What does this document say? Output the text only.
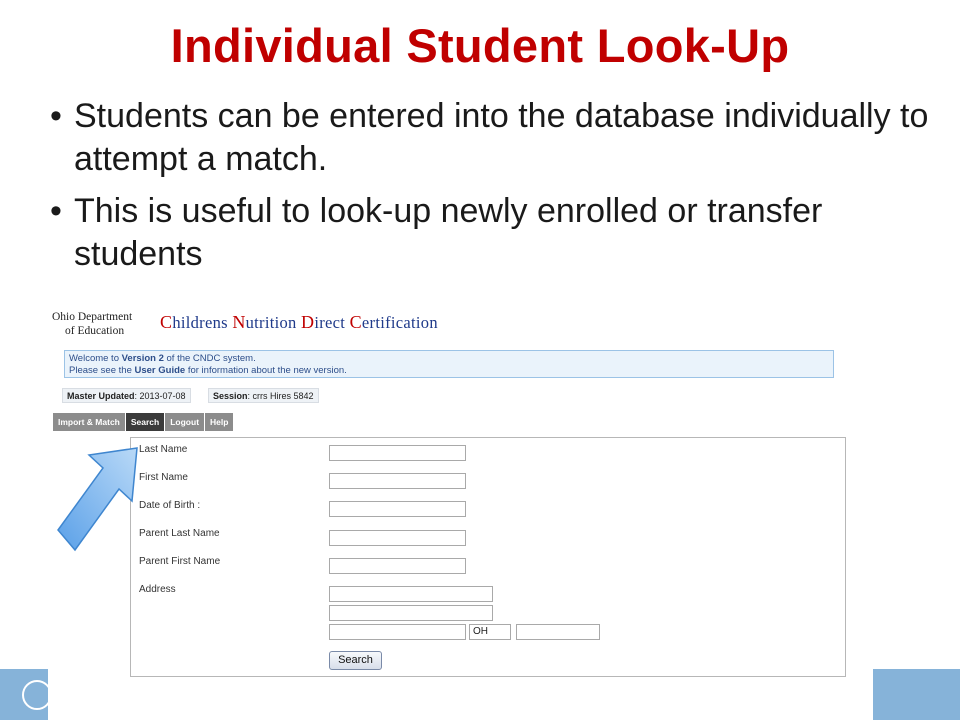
Individual Student Look-Up
• Students can be entered into the database individually to attempt a match.
• This is useful to look-up newly enrolled or transfer students
Ohio Department
of Education	Childrens Nutrition Direct Certification
Welcome to Version 2 of the CNDC system.
Please see the User Guide for information about the new version.
Master Updated: 2013-07-08	Session: crrs Hires 5842
Import & Match	Search	Logout	Help
Last Name
First Name
Date of Birth :
Parent Last Name
Parent First Name
Address
OH
Search
